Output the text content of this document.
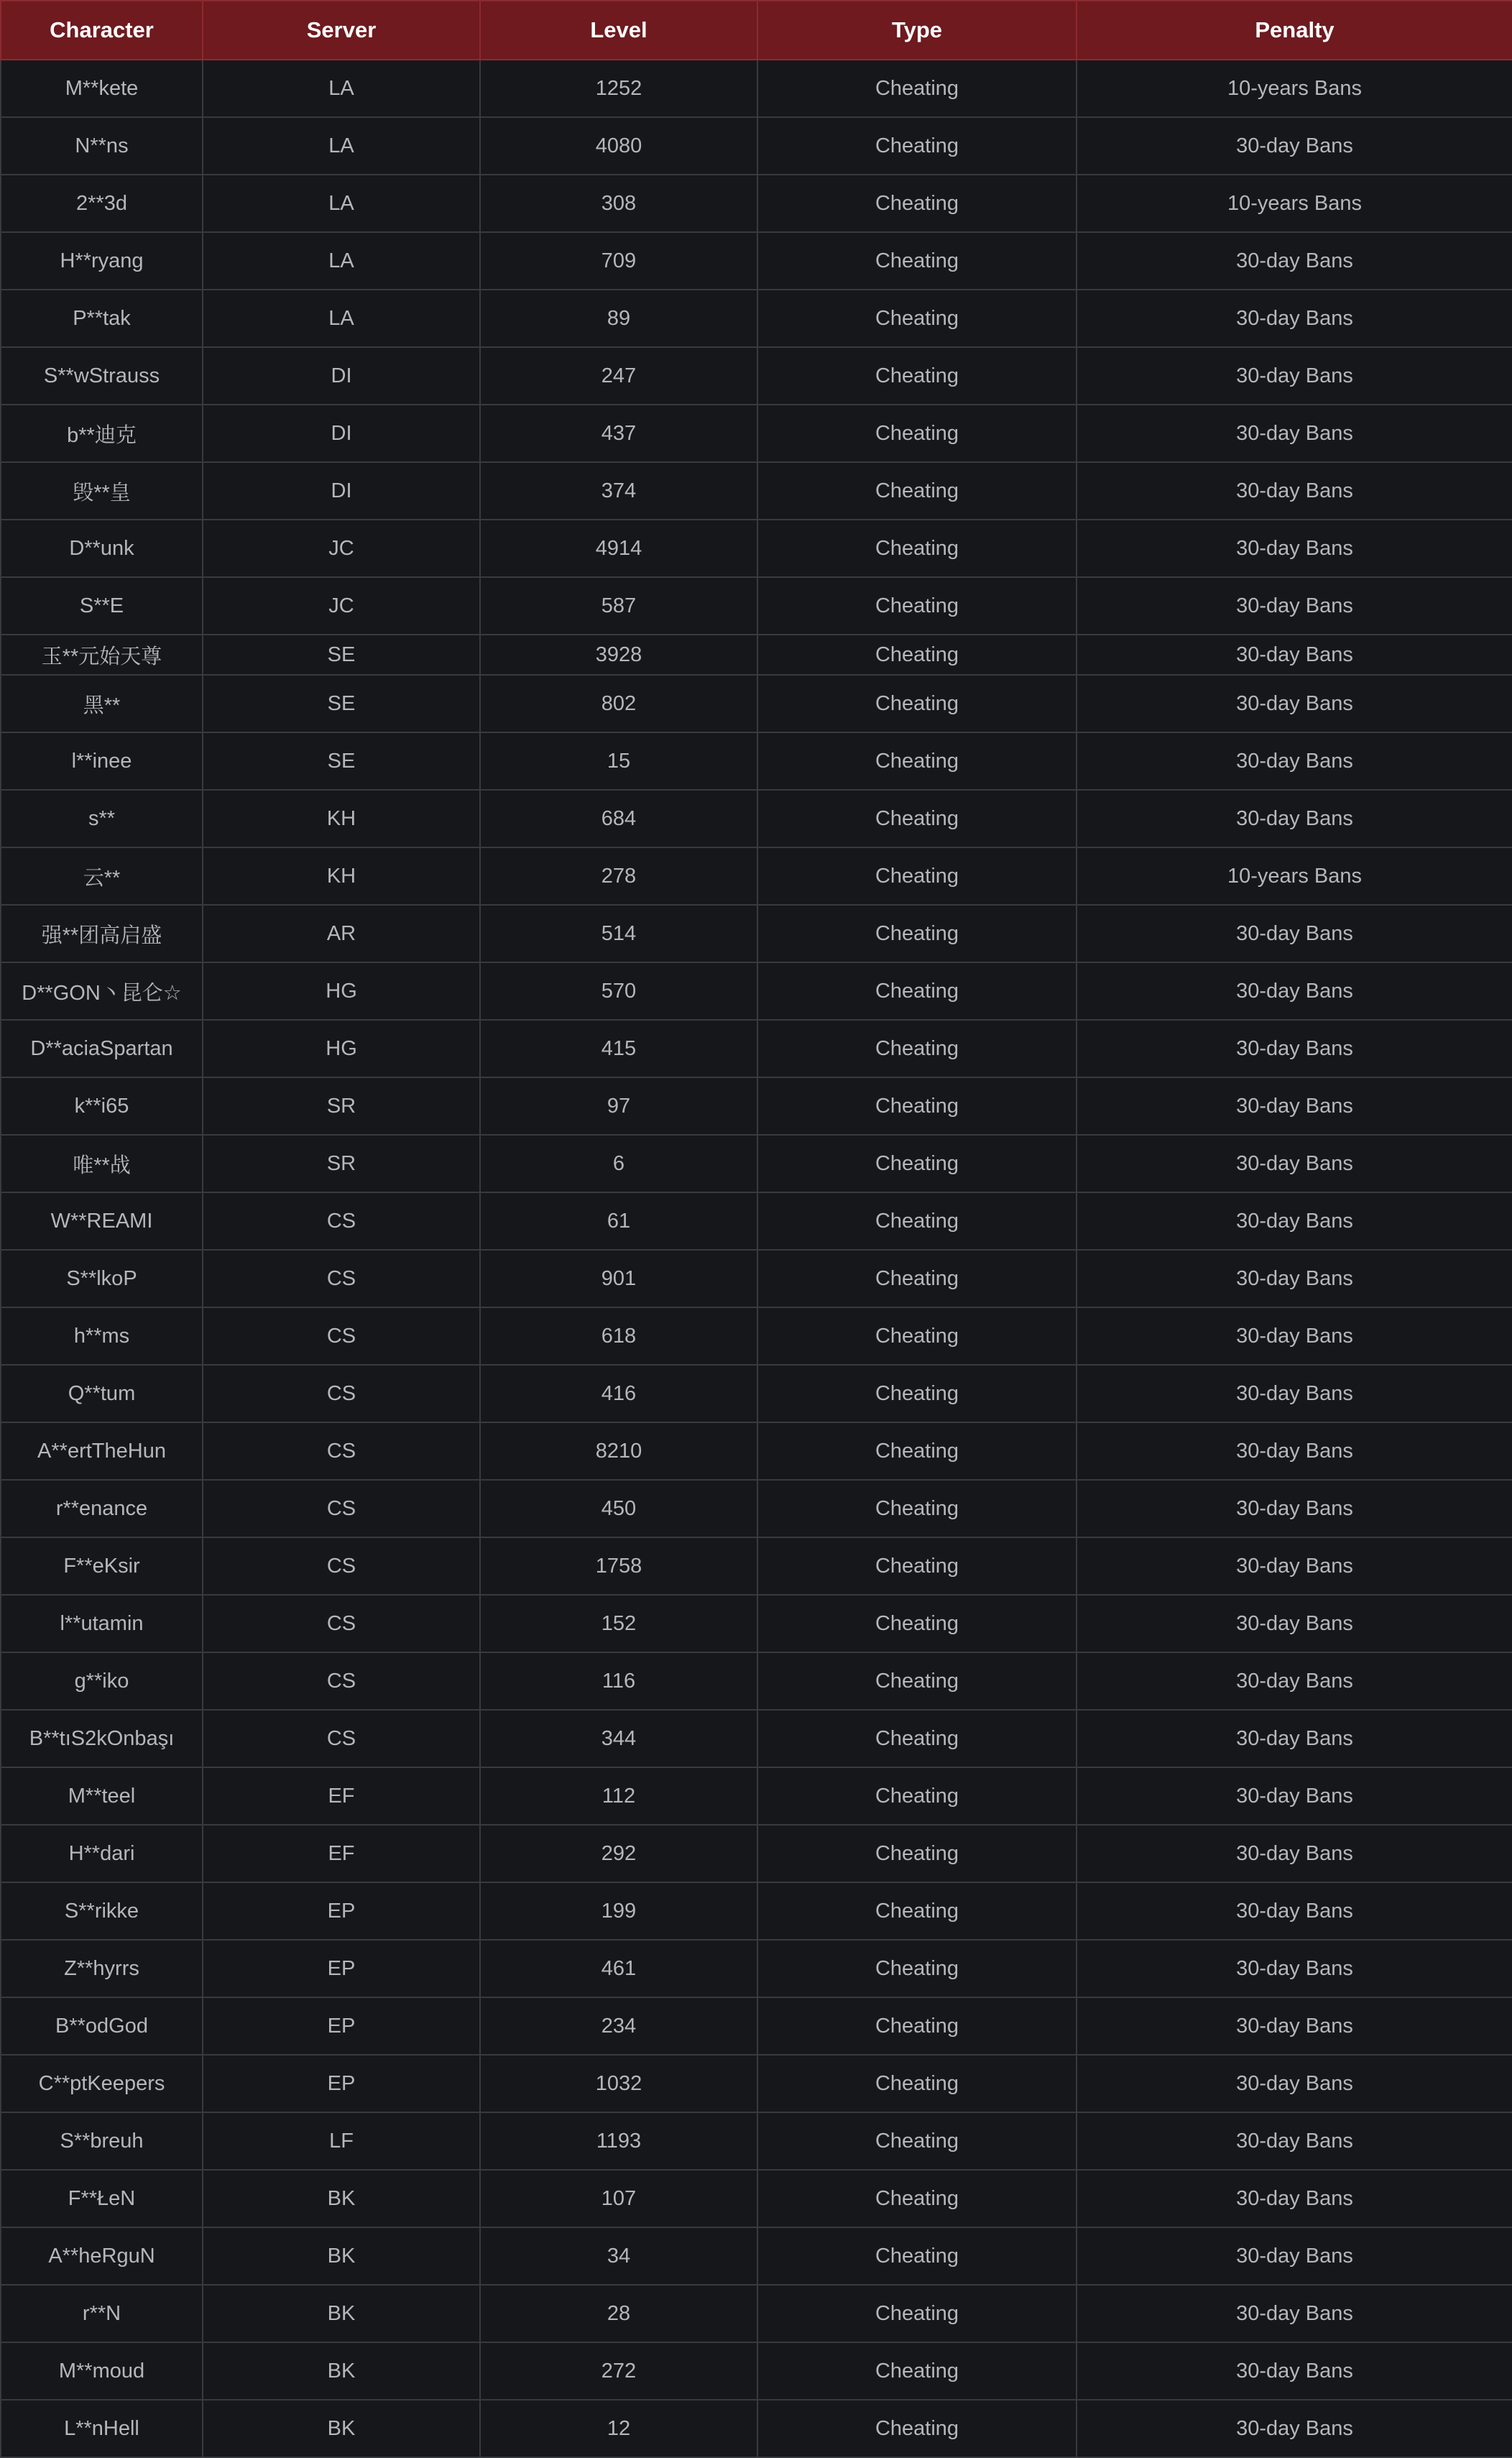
Character	Server	Level	Type	Penalty
M**kete	LA	1252	Cheating	10-years Bans
N**ns	LA	4080	Cheating	30-day Bans
2**3d	LA	308	Cheating	10-years Bans
H**ryang	LA	709	Cheating	30-day Bans
P**tak	LA	89	Cheating	30-day Bans
S**wStrauss	DI	247	Cheating	30-day Bans
b**迪克	DI	437	Cheating	30-day Bans
毁**皇	DI	374	Cheating	30-day Bans
D**unk	JC	4914	Cheating	30-day Bans
S**E	JC	587	Cheating	30-day Bans
玉**元始天尊	SE	3928	Cheating	30-day Bans
黑**	SE	802	Cheating	30-day Bans
l**inee	SE	15	Cheating	30-day Bans
s**	KH	684	Cheating	30-day Bans
云**	KH	278	Cheating	10-years Bans
强**团高启盛	AR	514	Cheating	30-day Bans
D**GON丶昆仑☆	HG	570	Cheating	30-day Bans
D**aciaSpartan	HG	415	Cheating	30-day Bans
k**i65	SR	97	Cheating	30-day Bans
唯**战	SR	6	Cheating	30-day Bans
W**REAMI	CS	61	Cheating	30-day Bans
S**lkoP	CS	901	Cheating	30-day Bans
h**ms	CS	618	Cheating	30-day Bans
Q**tum	CS	416	Cheating	30-day Bans
A**ertTheHun	CS	8210	Cheating	30-day Bans
r**enance	CS	450	Cheating	30-day Bans
F**eKsir	CS	1758	Cheating	30-day Bans
l**utamin	CS	152	Cheating	30-day Bans
g**iko	CS	116	Cheating	30-day Bans
B**tıS2kOnbaşı	CS	344	Cheating	30-day Bans
M**teel	EF	112	Cheating	30-day Bans
H**dari	EF	292	Cheating	30-day Bans
S**rikke	EP	199	Cheating	30-day Bans
Z**hyrrs	EP	461	Cheating	30-day Bans
B**odGod	EP	234	Cheating	30-day Bans
C**ptKeepers	EP	1032	Cheating	30-day Bans
S**breuh	LF	1193	Cheating	30-day Bans
F**ŁeN	BK	107	Cheating	30-day Bans
A**heRguN	BK	34	Cheating	30-day Bans
r**N	BK	28	Cheating	30-day Bans
M**moud	BK	272	Cheating	30-day Bans
L**nHell	BK	12	Cheating	30-day Bans
